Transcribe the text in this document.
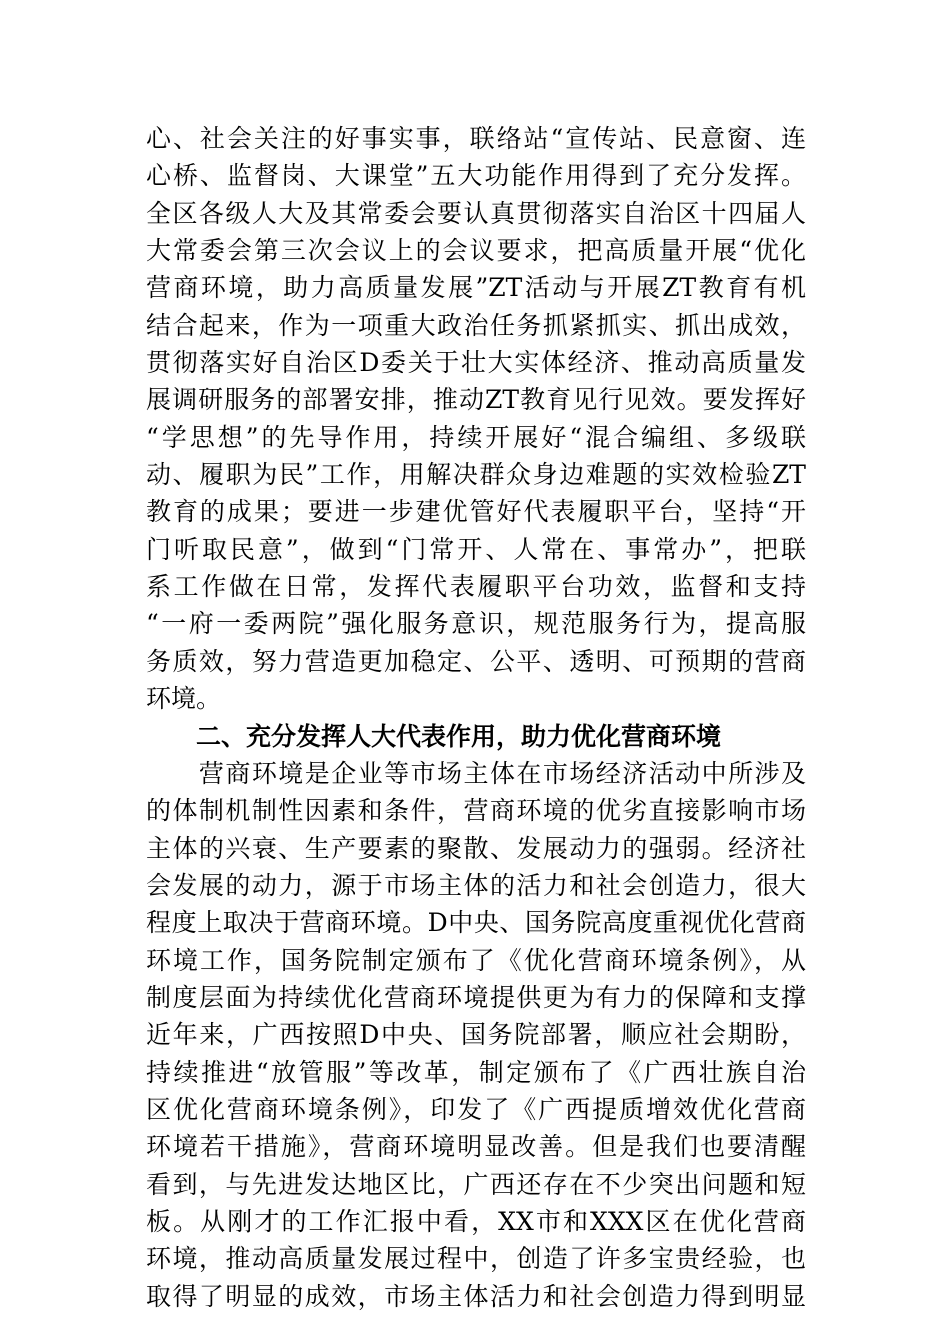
心、社会关注的好事实事，联络站“宣传站、民意窗、连
心桥、监督岗、大课堂”五大功能作用得到了充分发挥。
全区各级人大及其常委会要认真贯彻落实自治区十四届人
大常委会第三次会议上的会议要求，把高质量开展“优化
营商环境，助力高质量发展”ZT活动与开展ZT教育有机
结合起来，作为一项重大政治任务抓紧抓实、抓出成效，
贯彻落实好自治区D委关于壮大实体经济、推动高质量发
展调研服务的部署安排，推动ZT教育见行见效。要发挥好
“学思想”的先导作用，持续开展好“混合编组、多级联
动、履职为民”工作，用解决群众身边难题的实效检验ZT
教育的成果；要进一步建优管好代表履职平台，坚持“开
门听取民意”，做到“门常开、人常在、事常办”，把联
系工作做在日常，发挥代表履职平台功效，监督和支持
“一府一委两院”强化服务意识，规范服务行为，提高服
务质效，努力营造更加稳定、公平、透明、可预期的营商
环境。
　　二、充分发挥人大代表作用，助力优化营商环境
　　营商环境是企业等市场主体在市场经济活动中所涉及
的体制机制性因素和条件，营商环境的优劣直接影响市场
主体的兴衰、生产要素的聚散、发展动力的强弱。经济社
会发展的动力，源于市场主体的活力和社会创造力，很大
程度上取决于营商环境。D中央、国务院高度重视优化营商
环境工作，国务院制定颁布了《优化营商环境条例》，从
制度层面为持续优化营商环境提供更为有力的保障和支撑
近年来，广西按照D中央、国务院部署，顺应社会期盼，
持续推进“放管服”等改革，制定颁布了《广西壮族自治
区优化营商环境条例》，印发了《广西提质增效优化营商
环境若干措施》，营商环境明显改善。但是我们也要清醒
看到，与先进发达地区比，广西还存在不少突出问题和短
板。从刚才的工作汇报中看，XX市和XXX区在优化营商
环境，推动高质量发展过程中，创造了许多宝贵经验，也
取得了明显的成效，市场主体活力和社会创造力得到明显
